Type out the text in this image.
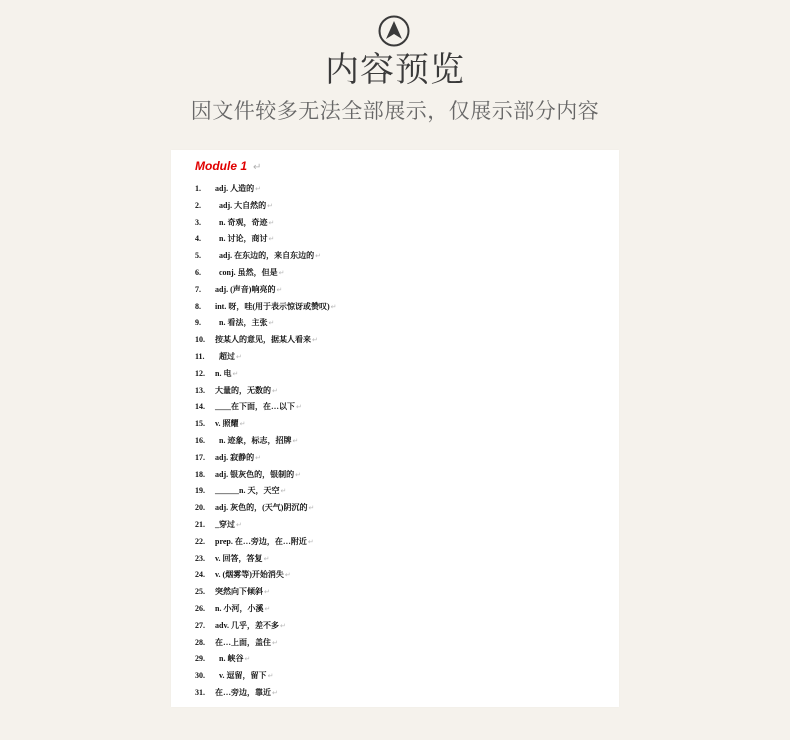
内容预览
因文件较多无法全部展示，仅展示部分内容
Module 1 ↵
1. adj. 人造的↵
2.  adj. 大自然的↵
3.  n. 奇观，奇迹↵
4.  n. 讨论，商讨↵
5.  adj. 在东边的，来自东边的↵
6.  conj. 虽然，但是↵
7. adj. (声音)响亮的↵
8. int. 呀，哇(用于表示惊讶或赞叹)↵
9.  n. 看法，主张↵
10. 按某人的意见，据某人看来↵
11.  超过↵
12. n. 电↵
13. 大量的，无数的↵
14. ____在下面，在…以下↵
15. v. 照耀↵
16.  n. 迹象，标志，招牌↵
17. adj. 寂静的↵
18. adj. 银灰色的，银制的↵
19. ______n. 天，天空↵
20. adj. 灰色的，(天气)阴沉的↵
21. _穿过↵
22. prep. 在…旁边，在…附近↵
23. v. 回答，答复↵
24. v. (烟雾等)开始消失↵
25. 突然向下倾斜↵
26. n. 小河，小溪↵
27. adv. 几乎，差不多↵
28. 在…上面，盖住↵
29.  n. 峡谷↵
30.  v. 逗留，留下↵
31. 在…旁边，靠近↵
